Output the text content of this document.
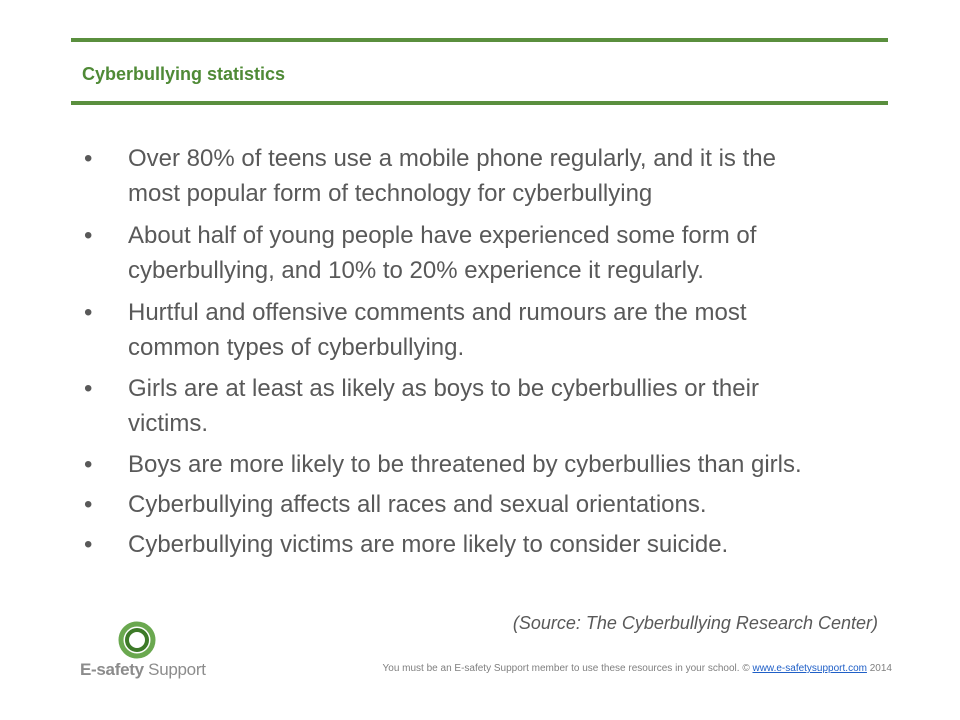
Cyberbullying statistics
• Over 80% of teens use a mobile phone regularly, and it is the
most popular form of technology for cyberbullying
• About half of young people have experienced some form of
cyberbullying, and 10% to 20% experience it regularly.
• Hurtful and offensive comments and rumours are the most
common types of cyberbullying.
• Girls are at least as likely as boys to be cyberbullies or their
victims.
• Boys are more likely to be threatened by cyberbullies than girls.
• Cyberbullying affects all races and sexual orientations.
• Cyberbullying victims are more likely to consider suicide.
(Source: The Cyberbullying Research Center)
E-safety Support	You must be an E-safety Support member to use these resources in your school. © www.e-safetysupport.com 2014
